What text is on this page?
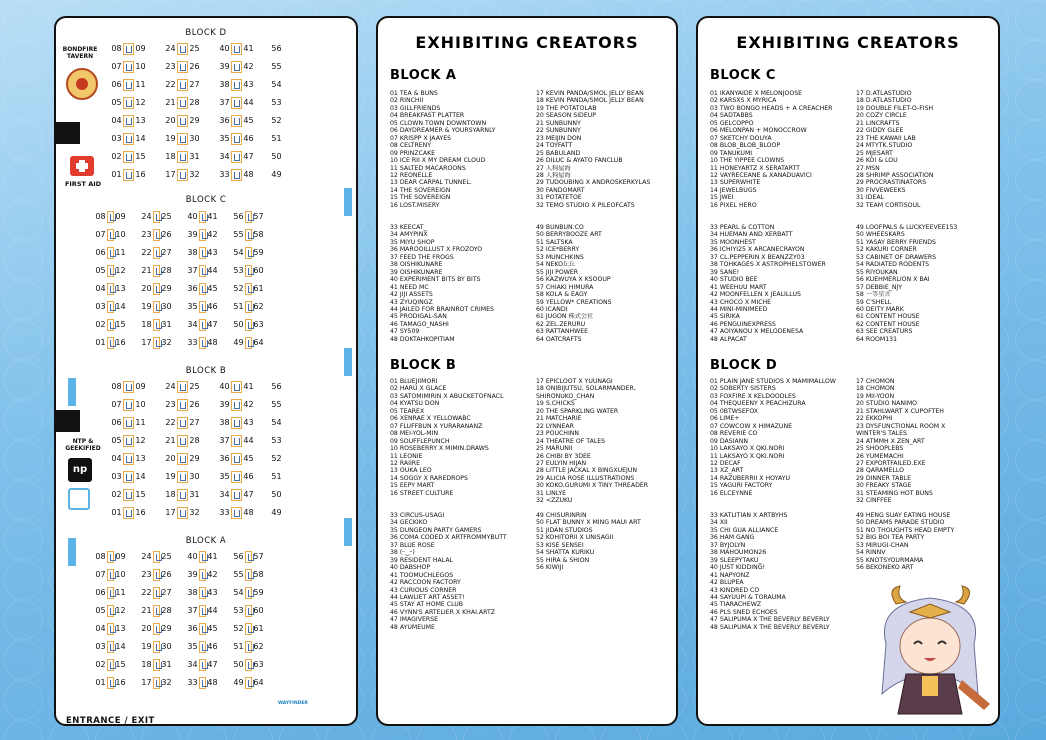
BLOCK D
BLOCK C
BLOCK B
BLOCK A
08 09 24 25 40 41 56
07 10 23 26 39 42 55
06 11 22 27 38 43 54
05 12 21 28 37 44 53
04 13 20 29 36 45 52
03 14 19 30 35 46 51
02 15 18 31 34 47 50
01 16 17 32 33 48 49
08 09 24 25 40 41 56 57
07 10 23 26 39 42 55 58
06 11 22 27 38 43 54 59
05 12 21 28 37 44 53 60
04 13 20 29 36 45 52 61
03 14 19 30 35 46 51 62
02 15 18 31 34 47 50 63
01 16 17 32 33 48 49 64
08 09 24 25 40 41 56
07 10 23 26 39 42 55
06 11 22 27 38 43 54
05 12 21 28 37 44 53
04 13 20 29 36 45 52
03 14 19 30 35 46 51
02 15 18 31 34 47 50
01 16 17 32 33 48 49
08 09 24 25 40 41 56 57
07 10 23 26 39 42 55 58
06 11 22 27 38 43 54 59
05 12 21 28 37 44 53 60
04 13 20 29 36 45 52 61
03 14 19 30 35 46 51 62
02 15 18 31 34 47 50 63
01 16 17 32 33 48 49 64
BONDFIRE TAVERN
FIRST AID
NTP & GEEKIFIED
np
ENTRANCE / EXIT
WAYFINDER
EXHIBITING CREATORS
BLOCK A
01 TEA & BUNS
02 RINCHII
03 GILLFRIENDS
04 BREAKFAST PLATTER
05 CLOWN TOWN DOWNTOWN
06 DAYDREAMER & YOURSYARNLY
07 KRISPP X JAAYES
08 CELTRENY
09 PRINZCAKE
10 ICE RII X MY DREAM CLOUD
11 SALTED MACAROONS
12 REONELLE
13 DEAR CARPAL TUNNEL.
14 THE SOVEREIGN
15 THE SOVEREIGN
16 LOST.MISERY
17 KEVIN PANDA/SMOL JELLY BEAN
18 KEVIN PANDA/SMOL JELLY BEAN
19 THE POTATOLAB
20 SEASON SIDEUP
21 SUNBUNNY
22 SUNBUNNY
23 MEIJIN DON
24 TOYFATT
25 BABULAND
26 DILUC & AYATO FANCLUB
27 人狗屋海
28 人狗屋海
29 TUDOUBING X ANDROSKERKYLAS
30 FANDOMART
31 POTATETOE
32 TEMO STUDIO X PILEOFCATS
33 KEECAT_
34 AMYPINX
35 MIYU SHOP
36 MAROOILLUST X FROZOYO
37 FEED THE FROGS
38 OISHIKUNARE
39 OISHIKUNARE
40 EXPERIMENT BITS BY BITS
41 NEED MC
42 JIJI ASSETS
43 ZYUQINGZ
44 JAILED FOR BRAINROT CRIMES
45 PRODIGAL-SAN
46 TAMAGO_NASHI
47 SY509
48 DOKTAHKOPITIAM
49 BUNBUN.CO
50 BERRYBOOZE ART
51 SALTSKA
52 ICE*BERRY
53 MUNCHKINS
54 NEKO丘丘
55 JIJI POWER
56 KAZWUYA X KSOOUP
57 CHIAKI HIMURA
58 KOLA & EAGY
59 YELLOW* CREATIONS
60 ICANDI
61 JUGON 株式会社
62 ZEL.ZERURU
63 RATTANHWEE
64 OATCRAFTS
BLOCK B
01 BLUEJIIMORI
02 HARU X GLACE
03 SATOMIMIRIN X ABUCKETOFNACL
04 KYATSU DON
05 TEAREX
06 XENRAE X YELLOWABC
07 FLUFFBUN X YURARANANZ
08 MEI-YOL-MIN
09 SOUFFLEPUNCH
10 ROSEBERRY X MIMIN.DRAWS
11 LEONIE
12 RAIIRE
13 OUKA LEO
14 SOGGY X RAREDROPS
15 EEPY MART
16 STREET CULTURE
17 EPICLOOT X YUUNAGI
18 ONIBIJUTSU, SOLARMANDER,
SHIRONUKO_CHAN
19 S.CHICKS
20 THE SPARKLING WATER
21 MATCHARIE
22 LYNNEAR
23 POUCHINN
24 THEATRE OF TALES
25 MARUNII
26 CHIBI BY 3DEE
27 EULYIN HIJAN
28 LITTLE JACKAL X BINGXUEJUN
29 ALICIA ROSE ILLUSTRATIONS
30 KOKO.GURUMI X TINY THREADER
31 LINLYE
32 <ZZUKU
33 CIRCUS-USAGI
34 GECKIKO
35 DUNGEON PARTY GAMERS
36 COMA CODED X ARTFROMMYBUTT
37 BLUE ROSE
38 (ᵕ‿ᵕ)
39 RESIDENT HALAL
40 DABSHOP
41 TOOMUCHLEGOS
42 RACCOON FACTORY
43 CURIOUS CORNER
44 LAWLIET ART ASSET!
45 STAY AT HOME CLUB
46 VYNN'S ARTELIER X KHAI.ARTZ
47 IMAGIVERSE
48 AYUMEUME
49 CHISURINRIN
50 FLAT BUNNY X MING MAUI ART
51 JIDAN STUDIOS
52 KOHITORII X UNISAGII
53 KISE SENSEI
54 SHATTA KURIKU
55 HIRA & SHION
56 KIWIJI
EXHIBITING CREATORS
BLOCK C
01 IKANYAIDE X MELONJOOSE
02 KARSXS X MYRICA
03 TWO BONGO HEADS + A CREACHER
04 SADTABBS
05 GELCOPPO
06 MELONPAN + MONOCCROW
07 SKETCHY DOUYA
08 BLOB_BLOB_BLOOP
09 TANUKUMI
10 THE YIPPEE CLOWNS
11 HONEYARTZ X SERATARTT
12 VAYRECEANE & XANADUAVICI
13 SUPERWHITE
14 JEWELBUGS
15 JWEI
16 PIXEL HERO
17 D.ATLASTUDIO
18 D.ATLASTUDIO
19 DOUBLE FILET-O-FISH
20 COZY CIRCLE
21 LINCRAFTS
22 GIDDY GLEE
23 THE KAWAII LAB
24 MTYTK.STUDIO
25 MJESART
26 KOI & LOU
27 MSN
28 SHRIMP ASSOCIATION
29 PROCRASTINATORS
30 FIVVEWEEKS
31 IDEAL
32 TEAM CORTISOUL
33 PEARL & COTTON
34 HUEMAN AND XERBATT
35 MOONHEST
36 ICHIYI25 X ARCANECRAYON
37 CL.PEPPERIN X BEANZZY03
38 TOHKAGES X ASTROPHELSTOWER
39 SANE!
40 STUDIO BEE
41 WEEHUU MART
42 MOONFELLEN X JEALILLUS
43 CHOCO X MICHE
44 MINI-MINIMEED
45 SIRIKA
46 PENGUINEXPRESS
47 AOIYANOU X MELODENESA
48 ALPACAT
49 LOOFPALS & LUCKYEEVEE153
50 WHEESKARS
51 YASAY BERRY FRIENDS
52 KAKURI CORNER
53 CABINET OF DRAWERS
54 RADIATED RODENTS
55 RIYOUKAN
56 KUEHMERLION X BAI
57 DEBBIE_NJY
58 一等星言
59 C'SHELL
60 DEITY MARK
61 CONTENT HOUSE
62 CONTENT HOUSE
63 SEE CREATURS
64 ROOM131
BLOCK D
01 PLAIN JANE STUDIOS X MAMIMALLOW
02 SOBERTY SISTERS
03 FOXFIRE X KELDOODLES
04 THEQUEENY X PEACHIZURA
05 0BTWSEFOX
06 LIME+
07 COWCOW X HIMAZUNE
08 REVERIE CO
09 DASIANN
10 LAKSAYO X QKI.NORI
11 LAKSAYO X QKI.NORI
12 DECAF
13 XZ_ART
14 RAZUBERRII X HOYAYU
15 YAGURI FACTORY
16 ELCEYNNE
17 CHOMON
18 CHOMON
19 MII-YOON
20 STUDIO NANIMO
21 STAHLWART X CUPOFTEH
22 EKKOPHI
23 DYSFUNCTIONAL ROOM X
WINTER'S TALES
24 ATMMH X ZEN_ART
25 SHOOPLEBS
26 YUMEMACHI
27 EXPORTFAILED.EXE
28 QARAMELLO
29 DINNER TABLE
30 FREAKY STAGE
31 STEAMING HOT BUNS
32 CINFFEE
33 KATLITIAN X ARTBYHS
34 XII
35 CHI GUA ALLIANCE
36 HAM GANG
37 BYJOLYN
38 MAHOUMON26
39 SLEEPYTAKU_
40 JUST KIDDING!
41 NAPYONZ
42 BLUPEA
43 KINDRED CO
44 SAYUUPI & TORAUMA
45 TIARACHEWZ
46 PLS SNED ECHOES
47 SALIPUMA X THE BEVERLY BEVERLY
48 SALIPUMA X THE BEVERLY BEVERLY
49 HENG SUAY EATING HOUSE
50 DREAMS PARADE STUDIO
51 NO THOUGHTS HEAD EMPTY
52 BIG BOI TEA PARTY
53 MIRUGI-CHAN
54 RINNV
55 KNOTSYOURMAMA
56 BEKONEKO ART
